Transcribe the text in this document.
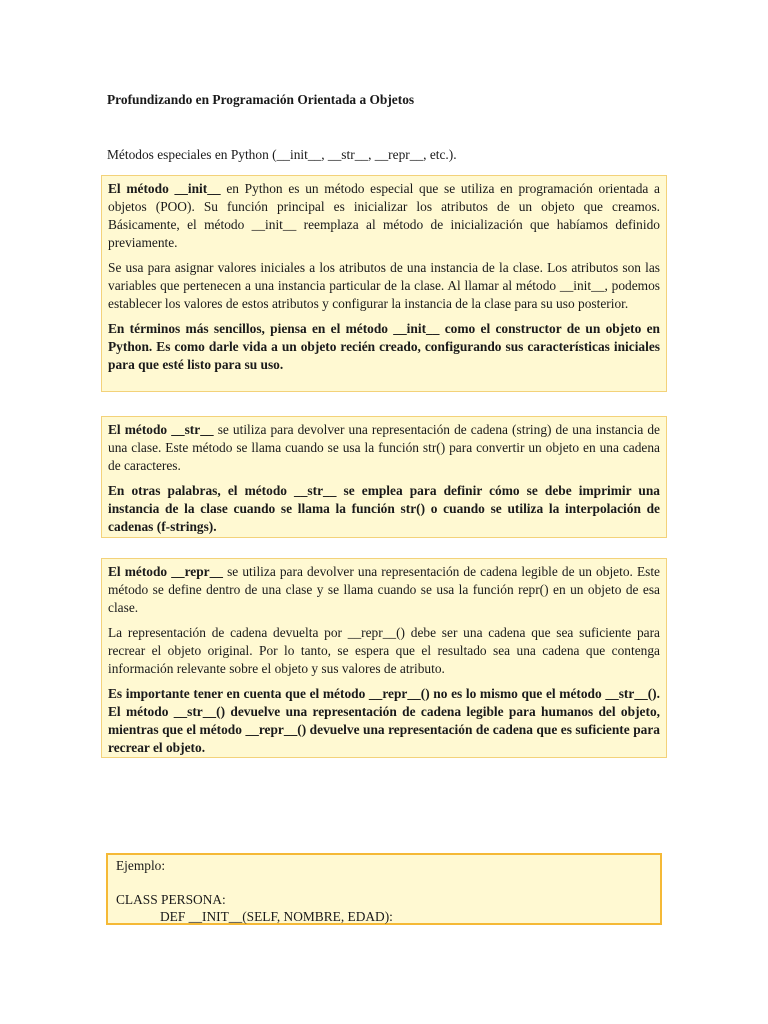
Profundizando en Programación Orientada a Objetos

Métodos especiales en Python (__init__, __str__, __repr__, etc.).

El método __init__ en Python es un método especial que se utiliza en programación orientada a objetos (POO). Su función principal es inicializar los atributos de un objeto que creamos. Básicamente, el método __init__ reemplaza al método de inicialización que habíamos definido previamente.

Se usa para asignar valores iniciales a los atributos de una instancia de la clase. Los atributos son las variables que pertenecen a una instancia particular de la clase. Al llamar al método __init__, podemos establecer los valores de estos atributos y configurar la instancia de la clase para su uso posterior.

En términos más sencillos, piensa en el método __init__ como el constructor de un objeto en Python. Es como darle vida a un objeto recién creado, configurando sus características iniciales para que esté listo para su uso.

El método __str__ se utiliza para devolver una representación de cadena (string) de una instancia de una clase. Este método se llama cuando se usa la función str() para convertir un objeto en una cadena de caracteres.

En otras palabras, el método __str__ se emplea para definir cómo se debe imprimir una instancia de la clase cuando se llama la función str() o cuando se utiliza la interpolación de cadenas (f-strings).

El método __repr__ se utiliza para devolver una representación de cadena legible de un objeto. Este método se define dentro de una clase y se llama cuando se usa la función repr() en un objeto de esa clase.

La representación de cadena devuelta por __repr__() debe ser una cadena que sea suficiente para recrear el objeto original. Por lo tanto, se espera que el resultado sea una cadena que contenga información relevante sobre el objeto y sus valores de atributo.

Es importante tener en cuenta que el método __repr__() no es lo mismo que el método __str__(). El método __str__() devuelve una representación de cadena legible para humanos del objeto, mientras que el método __repr__() devuelve una representación de cadena que es suficiente para recrear el objeto.

Ejemplo:

CLASS PERSONA:
DEF __INIT__(SELF, NOMBRE, EDAD):
